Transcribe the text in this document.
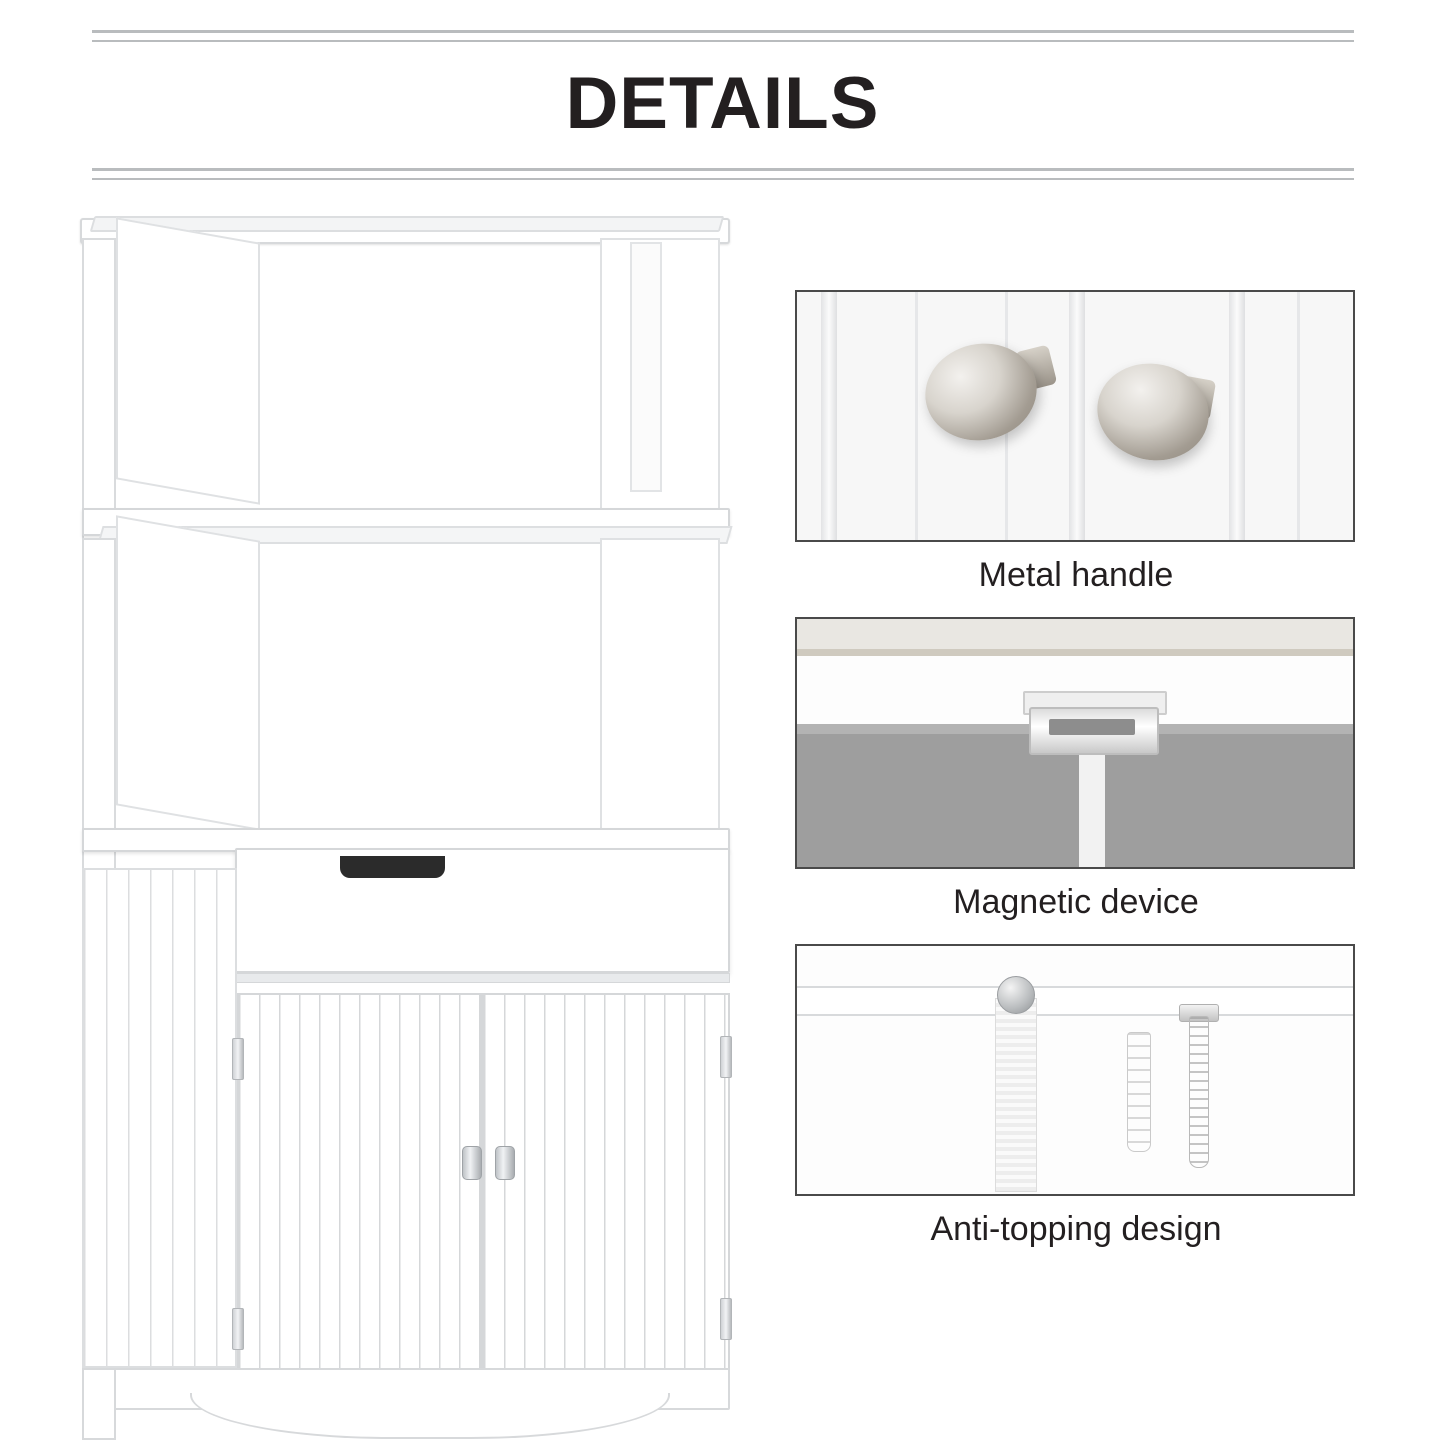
DETAILS
Metal handle
Magnetic device
Anti-topping design
